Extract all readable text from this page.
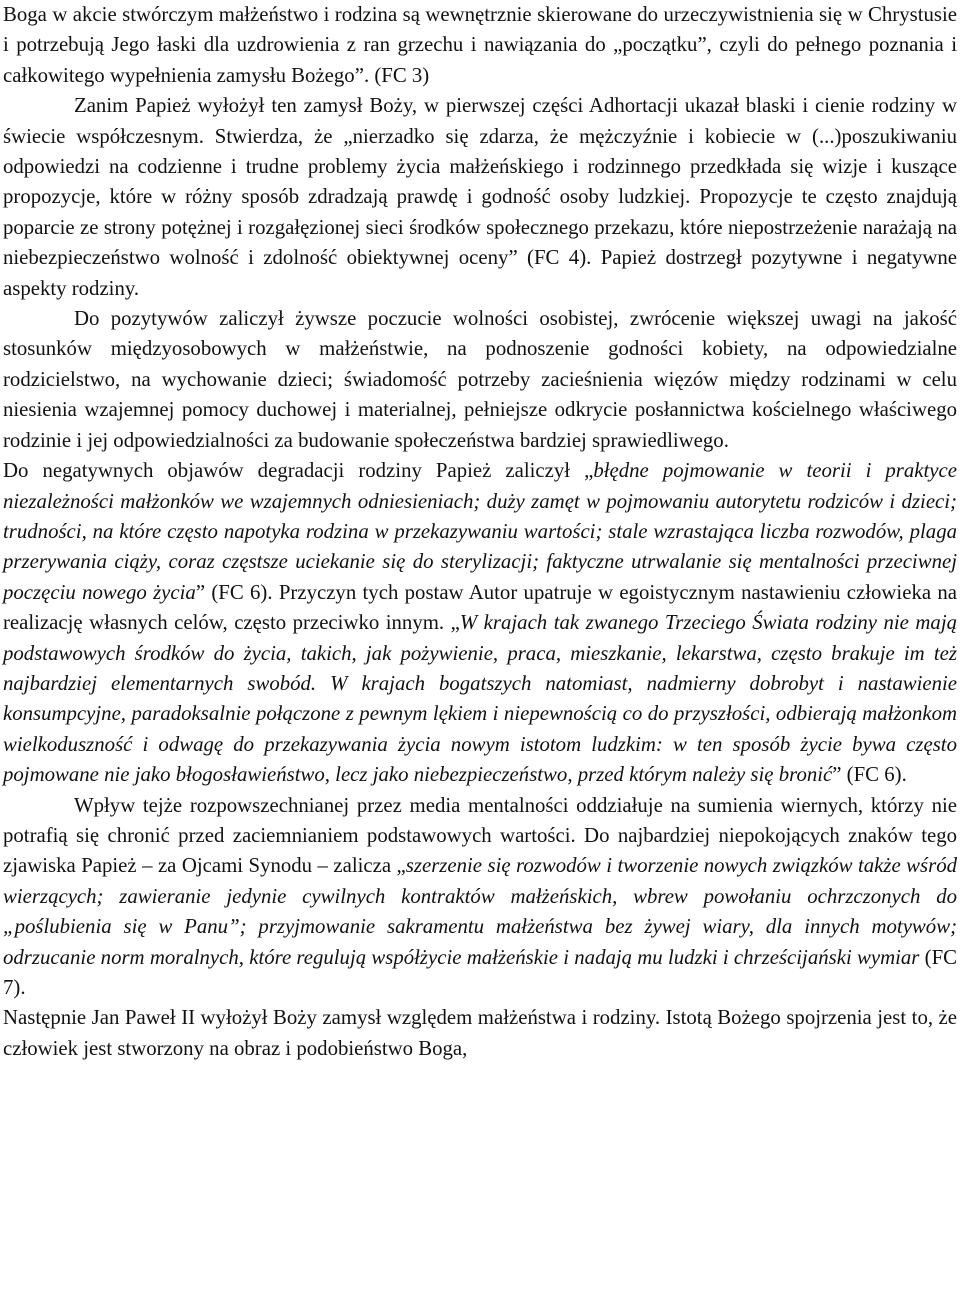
Boga w akcie stwórczym małżeństwo i rodzina są wewnętrznie skierowane do urzeczywistnienia się w Chrystusie i potrzebują Jego łaski dla uzdrowienia z ran grzechu i nawiązania do „początku”, czyli do pełnego poznania i całkowitego wypełnienia zamysłu Bożego”. (FC 3)

Zanim Papież wyłożył ten zamysł Boży, w pierwszej części Adhortacji ukazał blaski i cienie rodziny w świecie współczesnym. Stwierdza, że „nierzadko się zdarza, że mężczyźnie i kobiecie w (...)poszukiwaniu odpowiedzi na codzienne i trudne problemy życia małżeńskiego i rodzinnego przedkłada się wizje i kuszące propozycje, które w różny sposób zdradzają prawdę i godność osoby ludzkiej. Propozycje te często znajdują poparcie ze strony potężnej i rozgałęzionej sieci środków społecznego przekazu, które niepostrzeżenie narażają na niebezpieczeństwo wolność i zdolność obiektywnej oceny” (FC 4). Papież dostrzegł pozytywne i negatywne aspekty rodziny.

Do pozytywów zaliczył żywsze poczucie wolności osobistej, zwrócenie większej uwagi na jakość stosunków międzyosobowych w małżeństwie, na podnoszenie godności kobiety, na odpowiedzialne rodzicielstwo, na wychowanie dzieci; świadomość potrzeby zacieśnienia więzów między rodzinami w celu niesienia wzajemnej pomocy duchowej i materialnej, pełniejsze odkrycie posłannictwa kościelnego właściwego rodzinie i jej odpowiedzialności za budowanie społeczeństwa bardziej sprawiedliwego.

Do negatywnych objawów degradacji rodziny Papież zaliczył „błędne pojmowanie w teorii i praktyce niezależności małżonków we wzajemnych odniesieniach; duży zamęt w pojmowaniu autorytetu rodziców i dzieci; trudności, na które często napotyka rodzina w przekazywaniu wartości; stale wzrastająca liczba rozwodów, plaga przerywania ciąży, coraz częstsze uciekanie się do sterylizacji; faktyczne utrwalanie się mentalności przeciwnej poczęciu nowego życia” (FC 6). Przyczyn tych postaw Autor upatruje w egoistycznym nastawieniu człowieka na realizację własnych celów, często przeciwko innym. „W krajach tak zwanego Trzeciego Świata rodziny nie mają podstawowych środków do życia, takich, jak pożywienie, praca, mieszkanie, lekarstwa, często brakuje im też najbardziej elementarnych swobód. W krajach bogatszych natomiast, nadmierny dobrobyt i nastawienie konsumpcyjne, paradoksalnie połączone z pewnym lękiem i niepewnością co do przyszłości, odbierają małżonkom wielkoduszność i odwagę do przekazywania życia nowym istotom ludzkim: w ten sposób życie bywa często pojmowane nie jako błogosławieństwo, lecz jako niebezpieczeństwo, przed którym należy się bronić” (FC 6).

Wpływ tejże rozpowszechnianej przez media mentalności oddziałuje na sumienia wiernych, którzy nie potrafią się chronić przed zaciemnianiem podstawowych wartości. Do najbardziej niepokojących znaków tego zjawiska Papież – za Ojcami Synodu – zalicza „szerzenie się rozwodów i tworzenie nowych związków także wśród wierzących; zawieranie jedynie cywilnych kontraktów małżeńskich, wbrew powołaniu ochrzczonych do „poślubienia się w Panu”; przyjmowanie sakramentu małżeństwa bez żywej wiary, dla innych motywów; odrzucanie norm moralnych, które regulują współżycie małżeńskie i nadają mu ludzki i chrześcijański wymiar (FC 7).

Następnie Jan Paweł II wyłożył Boży zamysł względem małżeństwa i rodziny. Istotą Bożego spojrzenia jest to, że człowiek jest stworzony na obraz i podobieństwo Boga,
